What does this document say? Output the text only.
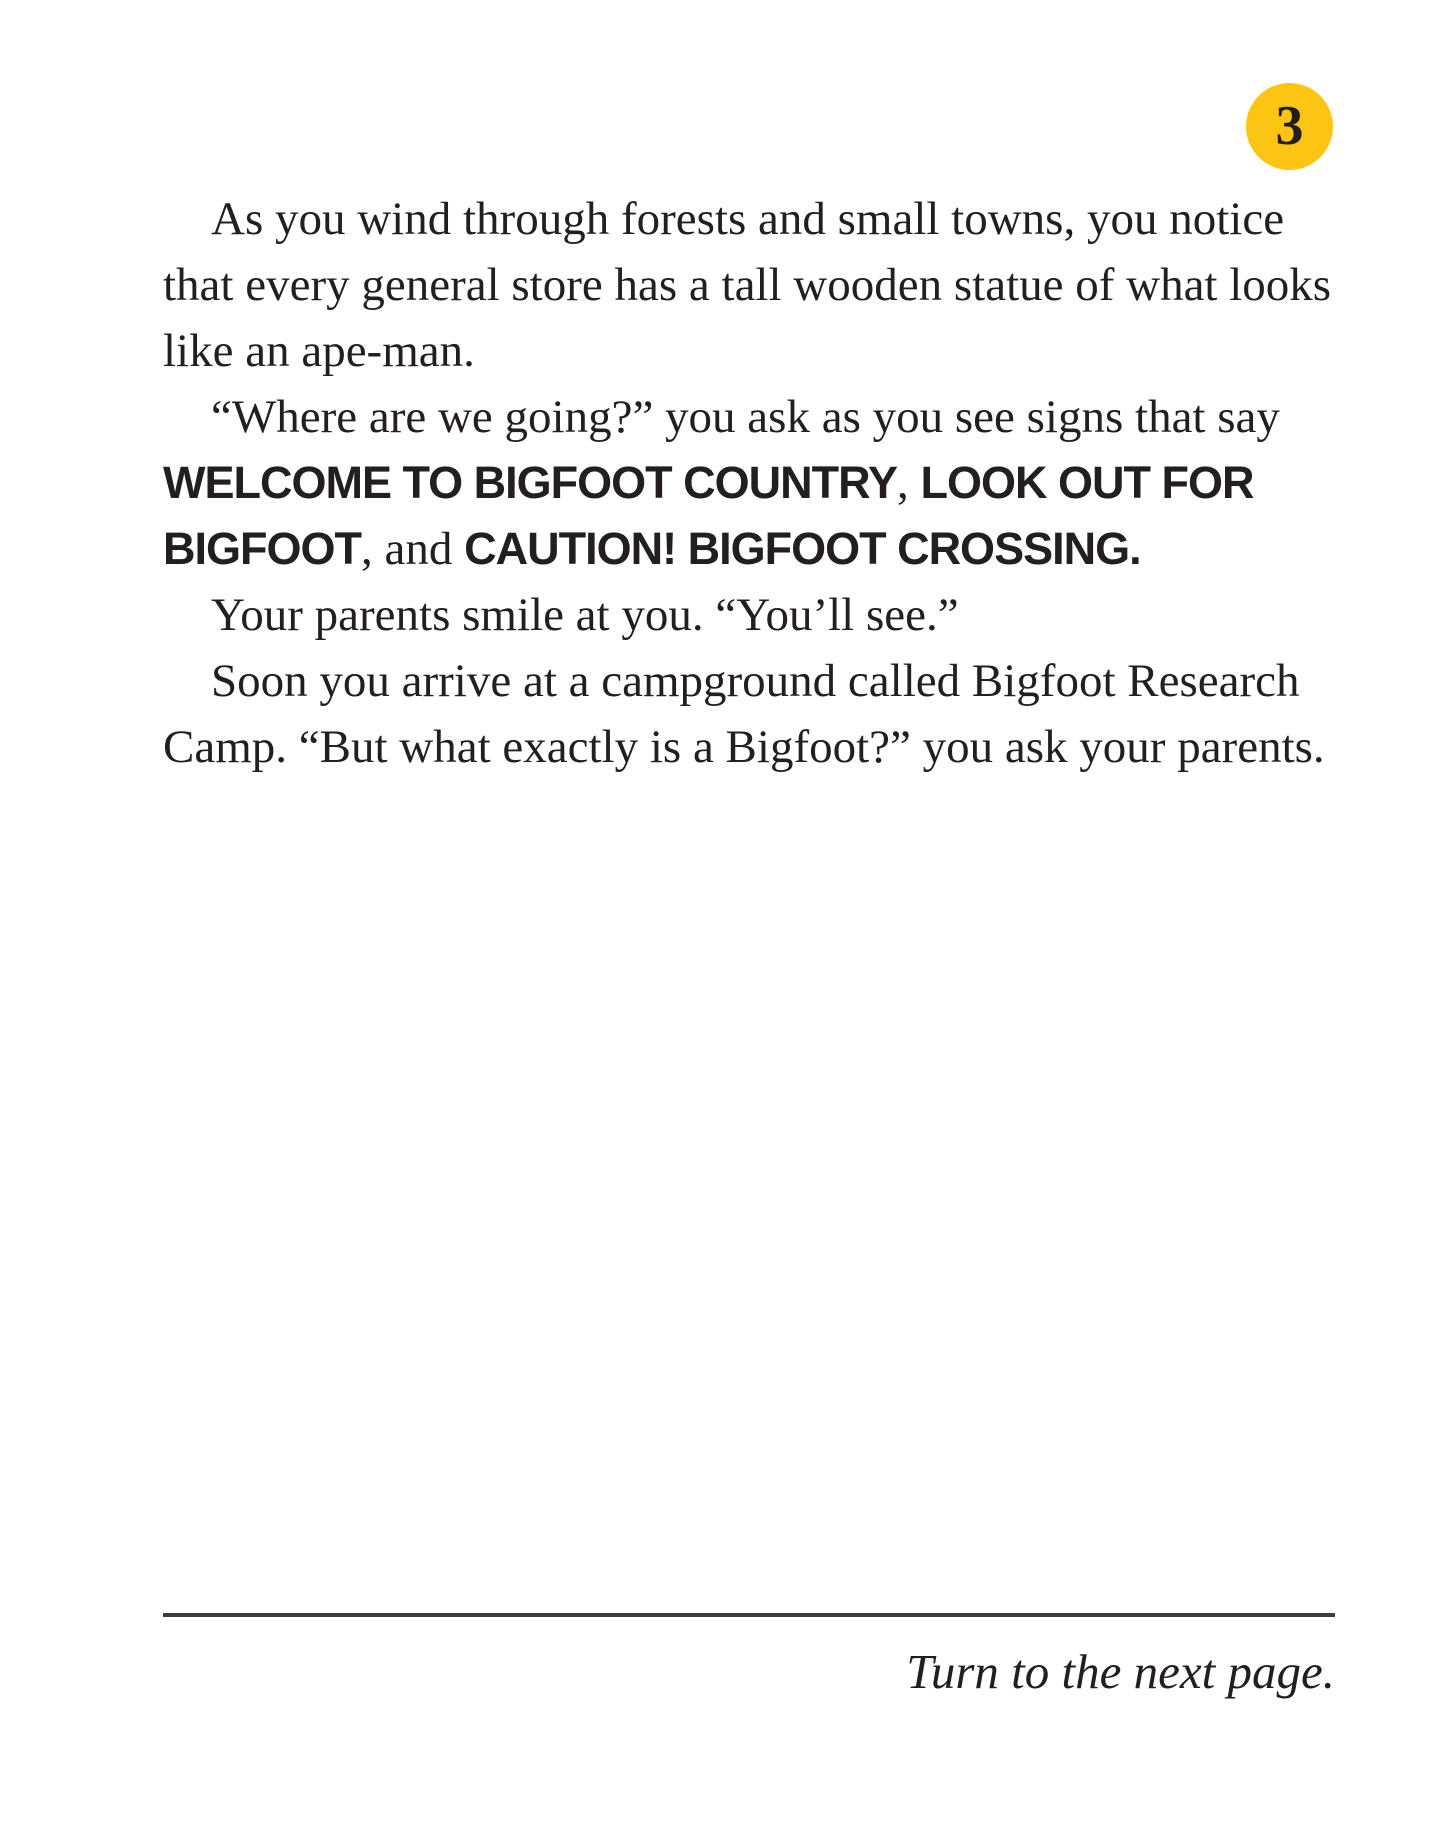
3

As you wind through forests and small towns, you notice that every general store has a tall wooden statue of what looks like an ape-man.

“Where are we going?” you ask as you see signs that say WELCOME TO BIGFOOT COUNTRY, LOOK OUT FOR BIGFOOT, and CAUTION! BIGFOOT CROSSING.

Your parents smile at you. “You’ll see.”

Soon you arrive at a campground called Bigfoot Research Camp. “But what exactly is a Bigfoot?” you ask your parents.

Turn to the next page.
